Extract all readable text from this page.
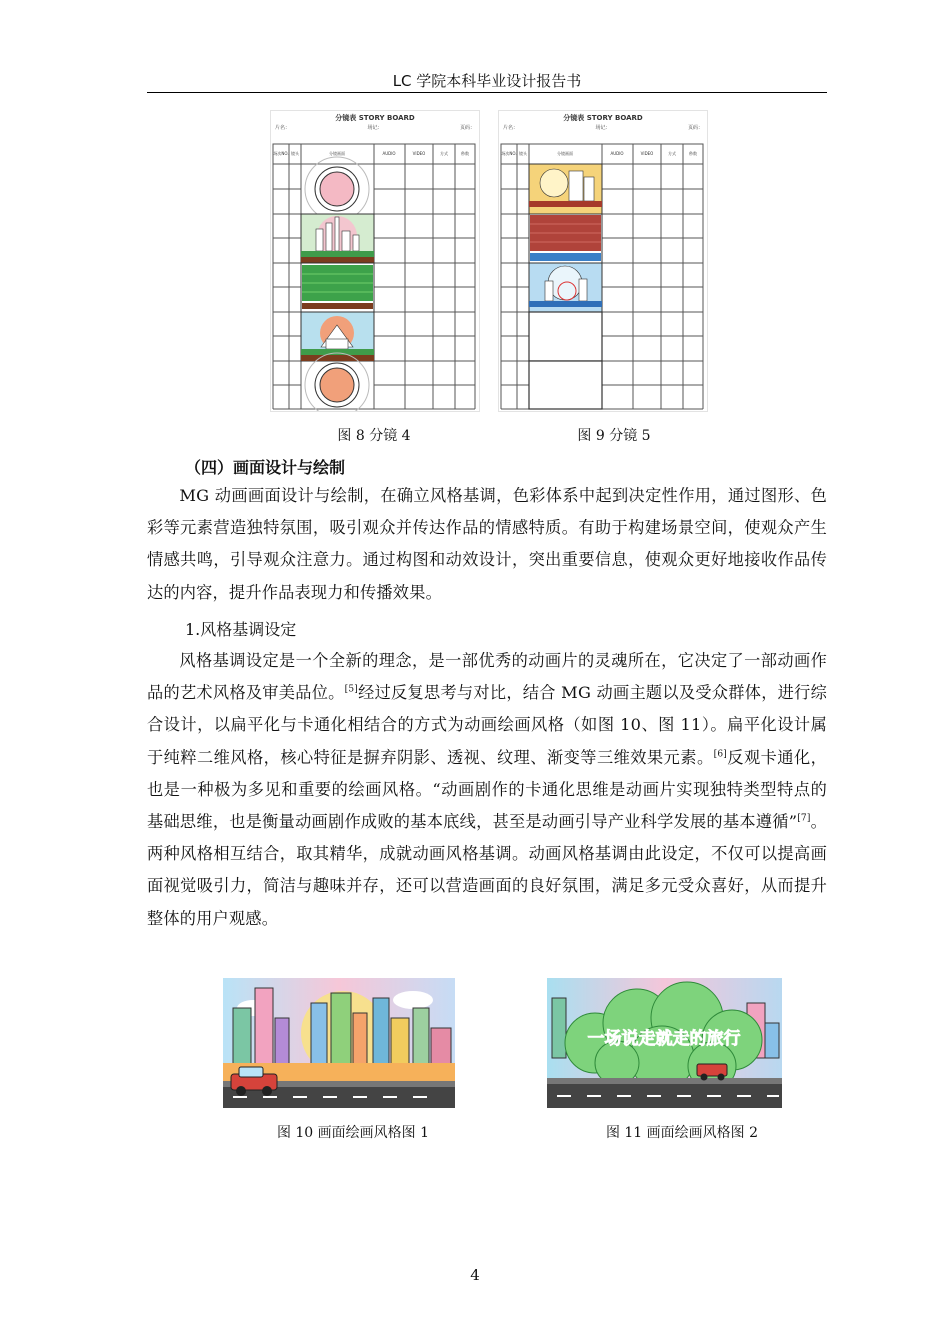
LC 学院本科毕业设计报告书
分镜表 STORY BOARD
片名：	场记：	页码：
场次NO. 镜头	分镜画面	AUDIO	VIDEO	方式	秒数
分镜表 STORY BOARD
片名：	场记：	页码：
场次NO. 镜头	分镜画面	AUDIO	VIDEO	方式	秒数
图 8 分镜 4	图 9 分镜 5
（四）画面设计与绘制

MG 动画画面设计与绘制，在确立风格基调，色彩体系中起到决定性作用，通过图形、色彩等元素营造独特氛围，吸引观众并传达作品的情感特质。有助于构建场景空间，使观众产生情感共鸣，引导观众注意力。通过构图和动效设计，突出重要信息，使观众更好地接收作品传达的内容，提升作品表现力和传播效果。

1.风格基调设定

风格基调设定是一个全新的理念，是一部优秀的动画片的灵魂所在，它决定了一部动画作品的艺术风格及审美品位。[5]经过反复思考与对比，结合 MG 动画主题以及受众群体，进行综合设计，以扁平化与卡通化相结合的方式为动画绘画风格（如图 10、图 11）。扁平化设计属于纯粹二维风格，核心特征是摒弃阴影、透视、纹理、渐变等三维效果元素。[6]反观卡通化，也是一种极为多见和重要的绘画风格。“动画剧作的卡通化思维是动画片实现独特类型特点的基础思维，也是衡量动画剧作成败的基本底线，甚至是动画引导产业科学发展的基本遵循”[7]。两种风格相互结合，取其精华，成就动画风格基调。动画风格基调由此设定，不仅可以提高画面视觉吸引力，简洁与趣味并存，还可以营造画面的良好氛围，满足多元受众喜好，从而提升整体的用户观感。

一场说走就走的旅行
图 10 画面绘画风格图 1	图 11 画面绘画风格图 2
4
